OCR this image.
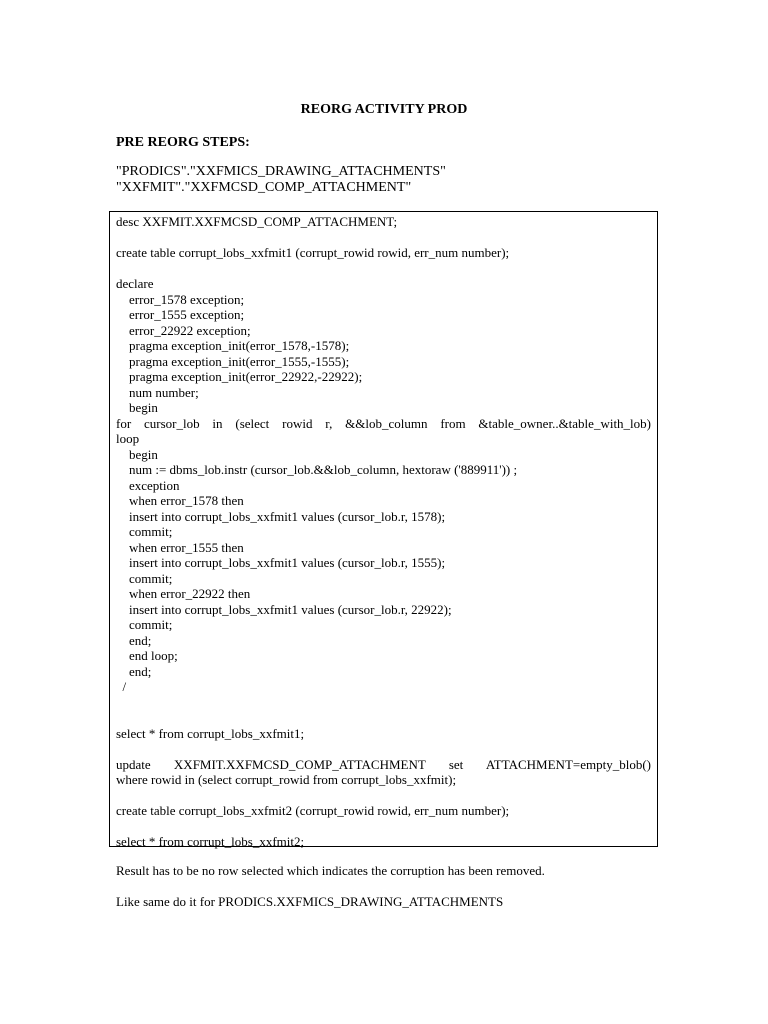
REORG ACTIVITY PROD
PRE REORG STEPS:
"PRODICS"."XXFMICS_DRAWING_ATTACHMENTS"
"XXFMIT"."XXFMCSD_COMP_ATTACHMENT"
desc XXFMIT.XXFMCSD_COMP_ATTACHMENT;
create table corrupt_lobs_xxfmit1 (corrupt_rowid rowid, err_num number);
declare
error_1578 exception;
error_1555 exception;
error_22922 exception;
pragma exception_init(error_1578,-1578);
pragma exception_init(error_1555,-1555);
pragma exception_init(error_22922,-22922);
num number;
begin
for cursor_lob in (select rowid r, &&lob_column from &table_owner..&table_with_lob)
loop
begin
num := dbms_lob.instr (cursor_lob.&&lob_column, hextoraw ('889911')) ;
exception
when error_1578 then
insert into corrupt_lobs_xxfmit1 values (cursor_lob.r, 1578);
commit;
when error_1555 then
insert into corrupt_lobs_xxfmit1 values (cursor_lob.r, 1555);
commit;
when error_22922 then
insert into corrupt_lobs_xxfmit1 values (cursor_lob.r, 22922);
commit;
end;
end loop;
end;
/
select * from corrupt_lobs_xxfmit1;
update XXFMIT.XXFMCSD_COMP_ATTACHMENT set ATTACHMENT=empty_blob()
where rowid in (select corrupt_rowid from corrupt_lobs_xxfmit);
create table corrupt_lobs_xxfmit2 (corrupt_rowid rowid, err_num number);
select * from corrupt_lobs_xxfmit2;
Result has to be no row selected which indicates the corruption has been removed.
Like same do it for PRODICS.XXFMICS_DRAWING_ATTACHMENTS
